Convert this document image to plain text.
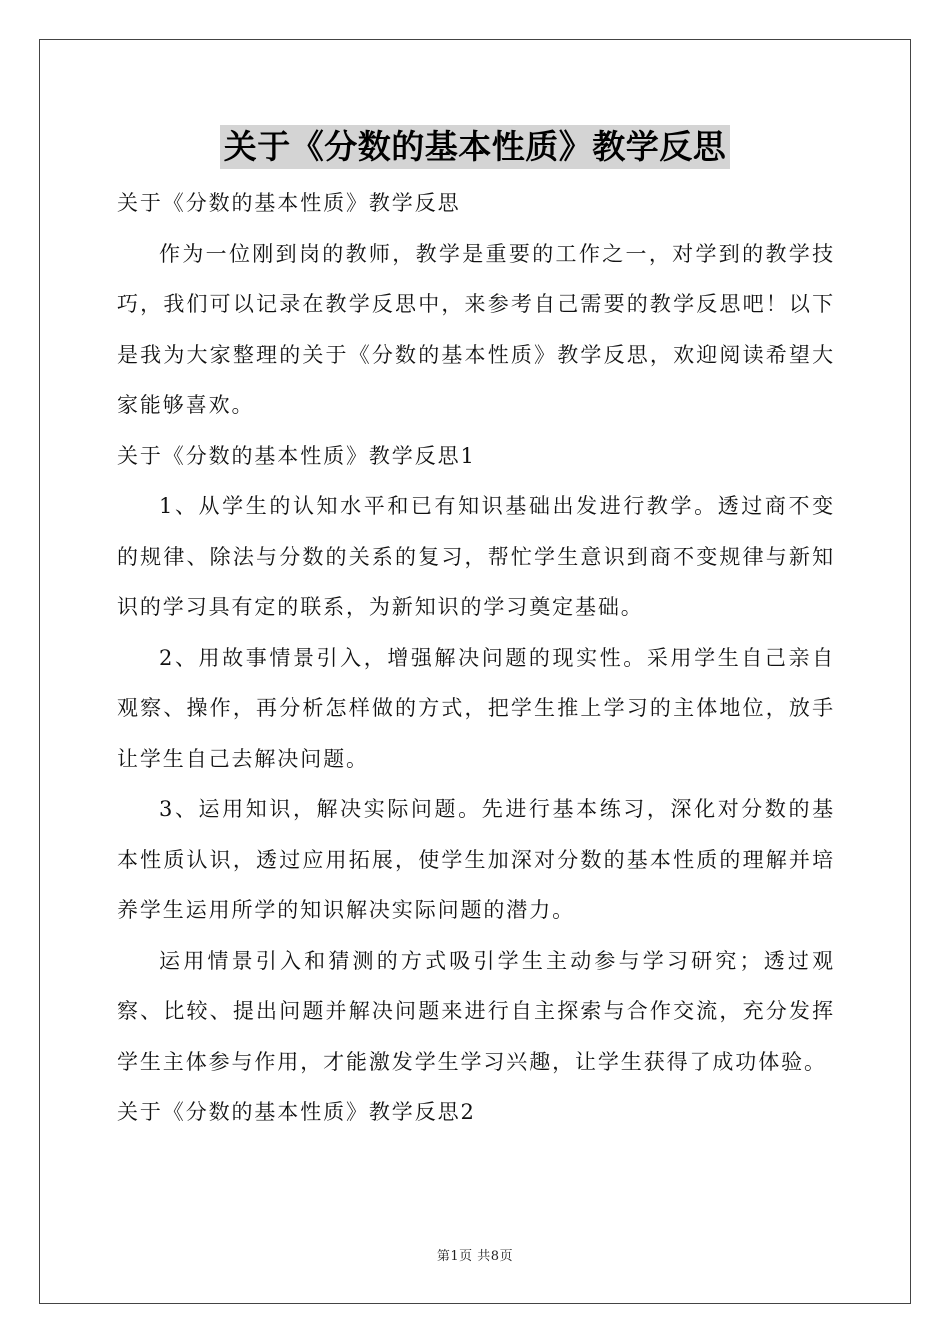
关于《分数的基本性质》教学反思
关于《分数的基本性质》教学反思

作为一位刚到岗的教师，教学是重要的工作之一，对学到的教学技巧，我们可以记录在教学反思中，来参考自己需要的教学反思吧！以下是我为大家整理的关于《分数的基本性质》教学反思，欢迎阅读希望大家能够喜欢。

关于《分数的基本性质》教学反思1

1、从学生的认知水平和已有知识基础出发进行教学。透过商不变的规律、除法与分数的关系的复习，帮忙学生意识到商不变规律与新知识的学习具有定的联系，为新知识的学习奠定基础。

2、用故事情景引入，增强解决问题的现实性。采用学生自己亲自观察、操作，再分析怎样做的方式，把学生推上学习的主体地位，放手让学生自己去解决问题。

3、运用知识，解决实际问题。先进行基本练习，深化对分数的基本性质认识，透过应用拓展，使学生加深对分数的基本性质的理解并培养学生运用所学的知识解决实际问题的潜力。

运用情景引入和猜测的方式吸引学生主动参与学习研究；透过观察、比较、提出问题并解决问题来进行自主探索与合作交流，充分发挥学生主体参与作用，才能激发学生学习兴趣，让学生获得了成功体验。

关于《分数的基本性质》教学反思2
第1页 共8页
